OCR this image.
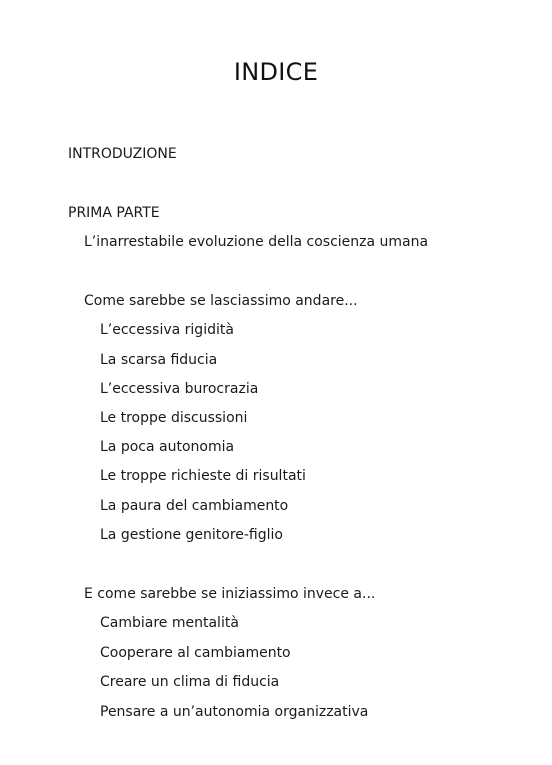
INDICE
INTRODUZIONE
PRIMA PARTE
L’inarrestabile evoluzione della coscienza umana
Come sarebbe se lasciassimo andare...
L’eccessiva rigidità
La scarsa fiducia
L’eccessiva burocrazia
Le troppe discussioni
La poca autonomia
Le troppe richieste di risultati
La paura del cambiamento
La gestione genitore-figlio
E come sarebbe se iniziassimo invece a...
Cambiare mentalità
Cooperare al cambiamento
Creare un clima di fiducia
Pensare a un’autonomia organizzativa
